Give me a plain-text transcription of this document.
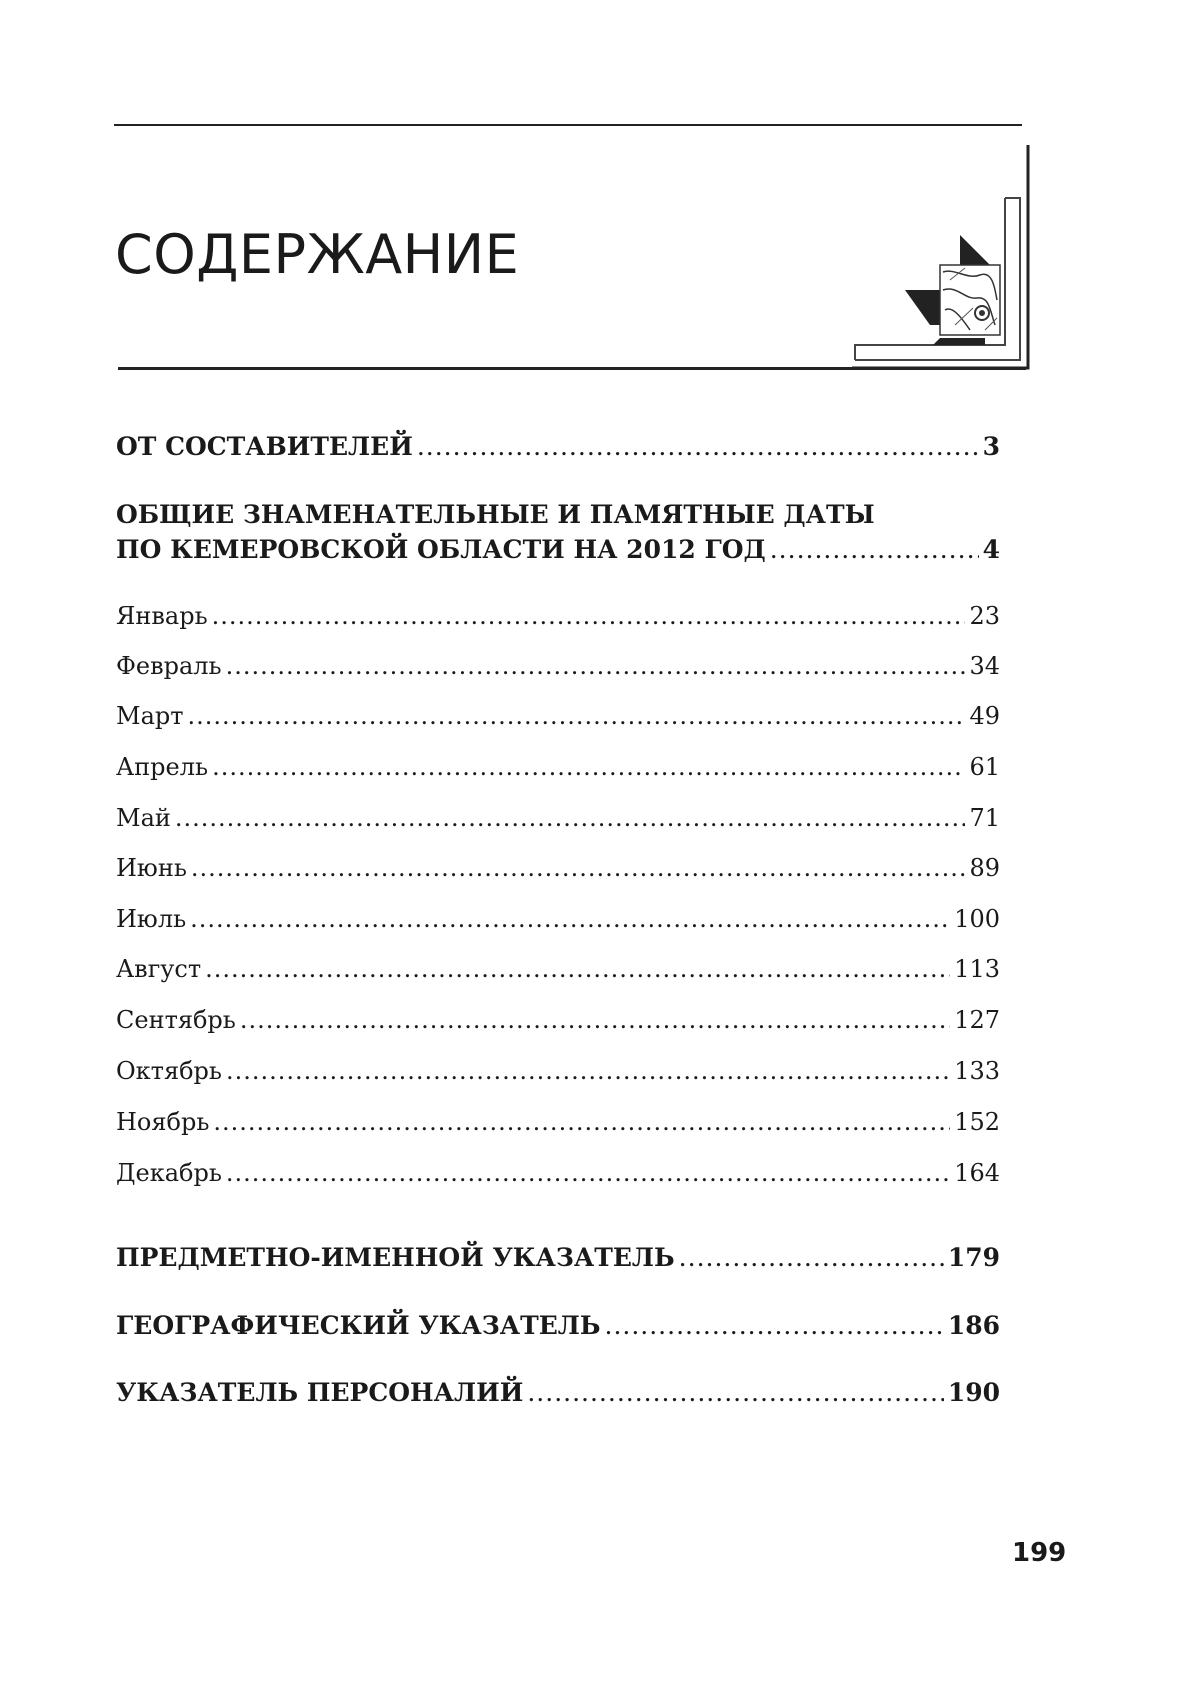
СОДЕРЖАНИЕ
ОТ СОСТАВИТЕЛЕЙ .....	3
ОБЩИЕ ЗНАМЕНАТЕЛЬНЫЕ И ПАМЯТНЫЕ ДАТЫ
ПО КЕМЕРОВСКОЙ ОБЛАСТИ НА 2012 ГОД .....	4
Январь .....	23
Февраль .....	34
Март .....	49
Апрель .....	61
Май .....	71
Июнь .....	89
Июль .....	100
Август .....	113
Сентябрь .....	127
Октябрь .....	133
Ноябрь .....	152
Декабрь .....	164
ПРЕДМЕТНО-ИМЕННОЙ УКАЗАТЕЛЬ .....	179
ГЕОГРАФИЧЕСКИЙ УКАЗАТЕЛЬ .....	186
УКАЗАТЕЛЬ ПЕРСОНАЛИЙ .....	190
199
